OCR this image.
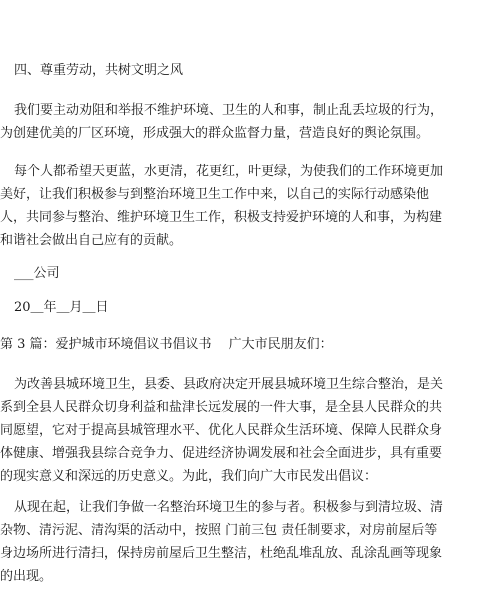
四、尊重劳动，共树文明之风
我们要主动劝阻和举报不维护环境、卫生的人和事，制止乱丢垃圾的行为，
为创建优美的厂区环境，形成强大的群众监督力量，营造良好的舆论氛围。
每个人都希望天更蓝，水更清，花更红，叶更绿，为使我们的工作环境更加
美好，让我们积极参与到整治环境卫生工作中来，以自己的实际行动感染他
人，共同参与整治、维护环境卫生工作，积极支持爱护环境的人和事，为构建
和谐社会做出自己应有的贡献。
___公司
20＿年＿月＿日
第 3 篇：爱护城市环境倡议书倡议书　 广大市民朋友们：
为改善县城环境卫生，县委、县政府决定开展县城环境卫生综合整治，是关
系到全县人民群众切身利益和盐津长远发展的一件大事，是全县人民群众的共
同愿望，它对于提高县城管理水平、优化人民群众生活环境、保障人民群众身
体健康、增强我县综合竞争力、促进经济协调发展和社会全面进步，具有重要
的现实意义和深远的历史意义。为此，我们向广大市民发出倡议：
从现在起，让我们争做一名整治环境卫生的参与者。积极参与到清垃圾、清
杂物、清污泥、清沟渠的活动中，按照 门前三包 责任制要求，对房前屋后等
身边场所进行清扫，保持房前屋后卫生整洁，杜绝乱堆乱放、乱涂乱画等现象
的出现。
